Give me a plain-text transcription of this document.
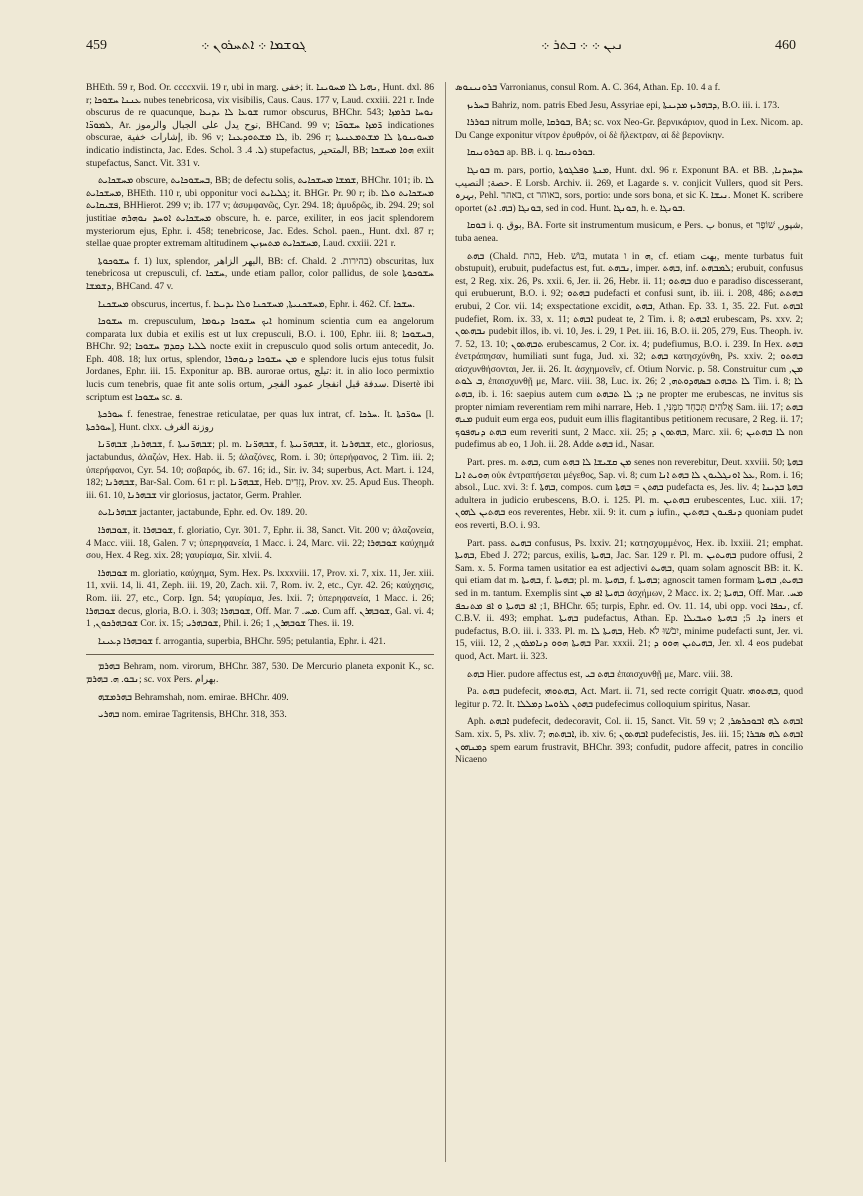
459	ܓܘܫܡܐ ܀ ܐܬܚܪܘܢ ܀	ܢܝܢ ܀ ܀ ܒܬܪ ܀	460

BHEth. 59 r, Bod. Or. ccccxvii. 19 r, ubi in marg. خفى; it. ܢܗܝܐ ܠܐ ܡܚܘܝܢܐ, Hunt. dxl. 86 r; ܥܢܢܐ ܚܫܘܟܐ nubes tenebricosa, vix visibilis, Caus. Caus. 177 v, Laud. cxxiii. 221 r. Inde obscurus de re quacunque, ܫܘܥܐ ܠܐ ܝܕܝܥܐ rumor obscurus, BHChr. 543; ܢܘܚܐ ܒܪܡܙܐ ܠܡܘܖ̈ܐ, Ar. نوح يدل على الجبال والرموز, BHCand. 99 v; ܪ̈ܡܙܐ ܚܫܘܟ̈ܐ indicationes obscurae, إشارات خفية, ib. 96 v; ܠܐ ܡܫܬܘܕܥܢܐ, ib. 296 r; ܡܚܘܝܢܘܬܐ ܠܐ ܡܫܬܡܥܢܝܬܐ indicatio indistincta, Jac. Edes. Schol. ܠ. 4. 3) stupefactus, المتحير, BB; ܗܘܐ ܡܚܫܟܐ exiit stupefactus, Sanct. Vit. 331 v.

ܡܚܫܟܐܝܬ obscure, ܒܚܫܘܟܐܝܬ, BB; de defectu solis, ܫܡܫܐ ܡܚܫܟܐܝܬ, BHChr. 101; ib. ܠܐ ܡܚܫܟܐܝܬ, BHEth. 110 r, ubi opponitur voci ܓܠܝܐܝܬ; it. BHGr. Pr. 90 r; ib. ܡܚܫܟܐܝܬ ܘܠܐ ܦܫܝܩܐܝܬ, BHHierot. 299 v; ib. 177 v; ἀσυμφανῶς, Cyr. 294. 18; ἀμυδρῶς, ib. 294. 29; sol justitiae ܡܚܫܟܐܝܬ ܐܘܚܕ ܢܘܗܪܗ obscure, h. e. parce, exiliter, in eos jacit splendorem mysteriorum ejus, Ephr. i. 458; tenebricose, Jac. Edes. Schol. paen., Hunt. dxl. 87 r; stellae quae propter extremam altitudinem ܡܚܫܟܐܝܬ ܡܬܚܙܝܢ, Laud. cxxiii. 221 r.

ܚܫܘܟܘܬܐ f. 1) lux, splendor, البهر الزاهر, BB: cf. Chald. בהירות. 2) obscuritas, lux tenebricosa ut crepusculi, cf. ܚܫܟܐ, unde etiam pallor, color pallidus, de sole ܚܫܘܟܘܬܐ ܕܫܡܫܐ, BHCand. 47 v.

ܡܚܫܟܢܐ obscurus, incertus, f. ܡܚܫܟܢܝܬܐ, ܡܚܫܟܢܐ ܘܠܐ ܝܕܝܥܐ, Ephr. i. 462. Cf. ܚܫܟܐ.

ܚܫܘܟܐ m. crepusculum, ܐܝܟ ܚܫܘܟܐ ܕܝܘܡܐ hominum scientia cum ea angelorum comparata lux dubia et exilis est ut lux crepusculi, B.O. i. 100, Ephr. iii. 8; ܒܚܫܘܟܐ, BHChr. 92; ܠܠܝܐ ܕܩܕܡ ܚܫܘܟܐ nocte exiit in crepusculo quod solis ortum antecedit, Jo. Eph. 408. 18; lux ortus, splendor, ܡܢ ܚܫܘܟܐ ܕܢܘܗܪܐ e splendore lucis ejus totus fulsit Jordanes, Ephr. iii. 15. Exponitur ap. BB. aurorae ortus, تبلج: it. in alio loco permixtio lucis cum tenebris, quae fit ante solis ortum, سدفة قبل انفجار عمود الفجر. Disertè ibi scriptum est ܚܫܘܟܐ sc. ܦ.

ܚܘܪܟܬܐ f. fenestrae, fenestrae reticulatae, per quas lux intrat, cf. ܚܪܟܐ. It. ܚܘܪ̈ܟܬܐ [l. ܚܘܪܟܬܐ], Hunt. clxx. روزنة الغرف

ܫܒܗܪܢܐ, ܫܒܗܪ̈ܢܐ, f. ܫܒܗܪ̈ܢܝܬܐ; pl. m. ܫܒܗܪ̈ܢܐ, f. ܫܒܗܪ̈ܢܝܬܐ, it. ܫܒܗܪܢܐ, etc., gloriosus, jactabundus, ἀλαζών, Hex. Hab. ii. 5; ἀλαζόνες, Rom. i. 30; ὑπερήφανος, 2 Tim. iii. 2; ὑπερήφανοι, Cyr. 54. 10; σοβαρός, ib. 67. 16; id., Sir. iv. 34; superbus, Act. Mart. i. 124, 182; ܫܒܗܪܢܐ, Bar-Sal. Com. 61 r: pl. ܫܒܗܪ̈ܢܐ, Heb. נְזִדִים, Prov. xv. 25. Apud Eus. Theoph. iii. 61. 10, ܫܒܗܪܢܐ vir gloriosus, jactator, Germ. Prahler.

ܫܒܗܪܢܐܝܬ jactanter, jactabunde, Ephr. ed. Ov. 189. 20.

ܫܘܒܗܪܐ, it. ܫܘܒܗܪܐ, f. gloriatio, Cyr. 301. 7, Ephr. ii. 38, Sanct. Vit. 200 v; ἀλαζονεία, 4 Macc. viii. 18, Galen. 7 v; ὑπερηφανεία, 1 Macc. i. 24, Marc. vii. 22; ܫܘܒܗܪܐ καύχημά σου, Hex. 4 Reg. xix. 28; γαυρίαμα, Sir. xlvii. 4.

ܫܘܒܗܪܐ m. gloriatio, καύχημα, Sym. Hex. Ps. lxxxviii. 17, Prov. xi. 7, xix. 11, Jer. xiii. 11, xvii. 14, li. 41, Zeph. iii. 19, 20, Zach. xii. 7, Rom. iv. 2, etc., Cyr. 42. 26; καύχησις, Rom. iii. 27, etc., Corp. Ign. 54; γαυρίαμα, Jes. lxii. 7; ὑπερηφανεία, 1 Macc. i. 26; ܫܘܒܗܪܐ decus, gloria, B.O. i. 303; ܫܘܒܗܪܐ, Off. Mar. ܡܚ. 7. Cum aff. ܫܘܒܗܪܢ, Gal. vi. 4; ܫܘܒܗܪܟܘܢ, 1 Cor. ix. 15; ܫܘܒܗܪܝ, Phil. i. 26; ܫܘܒܗܪܢ, 1 Thes. ii. 19.

ܫܘܒܗܪܐ ܕܥܝܢܐ f. arrogantia, superbia, BHChr. 595; petulantia, Ephr. i. 421.

ܒܗܪܡ Behram, nom. virorum, BHChr. 387, 530. De Mercurio planeta exponit K., sc. ܢܒܘ. ܗ. ܒܗܪܡ; sc. vox Pers. بهرام.

ܒܗܪܡܫܗ Behramshah, nom. emirae. BHChr. 409.

ܒܗܪܝ nom. emirae Tagritensis, BHChr. 318, 353.

ܒܪܘܢܝܢܘܣ Varronianus, consul Rom. A. C. 364, Athan. Ep. 10. 4 a f.

ܒܚܪܝܙ Bahriz, nom. patris Ebed Jesu, Assyriae epi, ܕܒܗܪܝܙ ܡܕܝܢܬܐ, B.O. iii. i. 173.

ܒܘܪܪܐ nitrum molle, ܒܘܪܩܐ, BA; sc. vox Neo-Gr. βερνικάριον, quod in Lex. Nicom. ap. Du Cange exponitur νίτρον ἐρυθρόν, οἱ δὲ ἤλεκτραν, αἱ δὲ βερονίκην.

ܒܘܪܘܢܝܩܐ ap. BB. i. q. ܒܘܪܘܢܝܩܐ.

ܒܘܢܓܐ m. pars, portio, ܡܢܬܐ ܘܦܠܓܘܬܐ, Hunt. dxl. 96 r. Exponunt BA. et BB. ܚܕܚܕܢܐ, حصة; النصيب. E Lorsb. Archiv. ii. 269, et Lagarde s. v. conjicit Vullers, quod sit Pers. بہرہ, Pehl. באהר, ct באוהר, sors, portio: unde sors bona, et sic K. ܢܝܫܐ. Monet K. scribere oportet ܒܘܢܓܐ (ܒܗ. ܐܬ), sed in cod. Hunt. ܒܘܢܓܐ, h. e. ܒܘܢܓܐ.

ܒܘܩܐ i. q. بوق, BA. Forte sit instrumentum musicum, e Pers. ب bonus, et شپور, שׁוֹפָר, tuba aenea.

ܒܗܬ (Chald. בהת, Heb. בּוֹשׁ, mutata ו in ܗ, cf. etiam بهت, mente turbatus fuit obstupuit), erubuit, pudefactus est, fut. ܢܒܗܬ, imper. ܒܗܬ, inf. ܠܡܒܗܬ; erubuit, confusus est, 2 Reg. xix. 26, Ps. xxii. 6, Jer. ii. 26, Hebr. ii. 11; ܒܗܬܘ duo e paradiso discesserant, qui erubuerunt, B.O. i. 92; ܒܗܬܘ pudefacti et confusi sunt, ib. iii. i. 208, 486; ܒܗܬܬ erubui, 2 Cor. vii. 14; exspectatione excidit, ܒܗܬ, Athan. Ep. 33. 1, 35. 22. Fut. ܐܒܗܬ pudefiet, Rom. ix. 33, x. 11; ܐܒܗܬ pudeat te, 2 Tim. i. 8; ܐܒܗܬ erubescam, Ps. xxv. 2; ܢܒܗܬܘܢ pudebit illos, ib. vi. 10, Jes. i. 29, 1 Pet. iii. 16, B.O. ii. 205, 279, Eus. Theoph. iv. 7. 52, 13. 10; ܬܒܗܬܘܢ erubescamus, 2 Cor. ix. 4; pudefiumus, B.O. i. 239. In Hex. ܒܗܬ ἐνετράπησαν, humiliati sunt fuga, Jud. xi. 32; ܒܗܬ κατησχύνθη, Ps. xxiv. 2; ܒܗܬܘ αἰσχυνθήσονται, Jer. ii. 26. It. ἀσχημονεῖν, cf. Otium Norvic. p. 58. Construitur cum ܡܢ, ܒ ܠܘܬ, ἐπαισχυνθῇ με, Marc. viii. 38, Luc. ix. 26; ܠܐ ܬܒܗܬ ܒܣܗܕܘܬܗ, 2 Tim. i. 8; ܠܐ ܒܗܬ, ib. i. 16: saepius autem cum ܕ; ܠܐ ܬܒܗܬ ne propter me erubescas, ne invitus sis propter nimiam reverentiam rem mihi narrare, Heb. אֲלֹהִים תְּכַחֵד מִמֶּנִּי, 1 Sam. iii. 17; ܒܗܬ ܡܢܗ puduit eum erga eos, puduit eum illis flagitantibus petitionem recusare, 2 Reg. ii. 17; ܒܗܬ ܕܢܗܦܘܟ eum reveriti sunt, 2 Macc. xii. 25; ܒܗܬܘܢ ܕ, Marc. xii. 6; ܠܐ ܒܗܬܝܢ non pudefimus ab eo, 1 Joh. ii. 28. Adde ܒܗܬ id., Nasar.

Part. pres. m. ܒܗܬ, cum ܡܢ ܩܫܝܫܐ ܠܐ ܒܗܬ senes non reverebitur, Deut. xxviii. 50; ܒܗܬܐ ܗܘܝܬ ܐܢܐ οὐκ ἐντραπήσεται μέγεθος, Sap. vi. 8; cum ܥܠ ܐܘܢܓܠܝܘܢ ܠܐ ܒܗܬ ܐܢܐ, Rom. i. 16; absol., Luc. xvi. 3: f. ܒܗܬܐ, compos. cum ܒܗܬܢ = ܒܗܬܐ pudefacta es, Jes. liv. 4; ܒܗܬܐ ܒܕܝܢܐ adultera in judicio erubescens, B.O. i. 125. Pl. m. ܒܗܬܝܢ erubescentes, Luc. xiii. 17; ܒܗܬܝܢ ܠܗܘܢ eos reverentes, Hebr. xii. 9: it. cum ܕ iufin., ܕܢܦܢܘܢ ܒܗܬܝܢ quoniam pudet eos reverti, B.O. i. 93.

Part. pass. ܒܗܝܬ confusus, Ps. lxxiv. 21; κατησχυμμένος, Hex. ib. lxxiii. 21; emphat. ܒܗܝܬܐ, Ebed J. 272; parcus, exilis, ܒܗܝܬܐ, Jac. Sar. 129 r. Pl. m. ܒܗܝܬܝܢ pudore offusi, 2 Sam. x. 5. Forma tamen usitatior ea est adjectivi ܒܗܝܬ, quam solam agnoscit BB: it. K. qui etiam dat m. ܒܗܝܬܐ, f. ܒܗܝܬܐ; pl. m. ܒܗܝܬܐ, f. ܒܗܝܬܐ; agnoscit tamen formam ܒܗܝܬ, ܒܗܝܬܐ sed in m. tantum. Exemplis sint ܒܗܝܬܐ ܐܦ ܡܢ ἀσχήμων, 2 Macc. ix. 2; ܒܗܝܬܐ, Off. Mar. ܡܚ. 1; ܐܦ ܒܗܝܬܐ ܘ ܐܦ ܡܬܢܟܦ, BHChr. 65; turpis, Ephr. ed. Ov. 11. 14, ubi opp. voci ܢܟܦܐ, cf. C.B.V. ii. 493; emphat. ܒܗܝܬܐ pudefactus, Athan. Ep. ܕܐ. 5; ܒܗܝܬܐ ܘܚܒܝܠܐ iners et pudefactus, B.O. iii. i. 333. Pl. m. ܒܗܝܬܐ ܠܐ, Heb. יִבֹשׁוּ לֹא, minime pudefacti sunt, Jer. vi. 15, viii. 12, ܒܗܝܬܐ ܗܘܘ ܕܢܐܡܪܘܢ, 2 Par. xxxii. 21; ܒܗܝܬܝܢ ܗܘܘ ܕ, Jer. xl. 4 eos pudebat quod, Act. Mart. ii. 323.

ܒܗܬ Hier. pudore affectus est, ܒܗܬ ܒܝ ἐπαισχυνθῇ με, Marc. viii. 38.

Pa. ܒܗܬ pudefecit, ܒܗܬܘܗܝ, Act. Mart. ii. 71, sed recte corrigit Quatr. ܒܗܬܘܗܝ, quod legitur p. 72. It. ܒܗܬܢ ܠܪܘܚܐ ܕܡܠܠܐ pudefecimus colloquium spiritus, Nasar.

Aph. ܐܒܗܬ pudefecit, dedecoravit, Col. ii. 15, Sanct. Vit. 59 v; ܐܒܗܬ ܠܗ ܐܒܘܟܪܣܪ, 2 Sam. xix. 5, Ps. xliv. 7; ܐܒܗܬܗ, ib. xiv. 6; ܐܒܗܬܘܢ pudefecistis, Jes. iii. 15; ܐܒܗܬ ܠܗ ܣܒܪܐ ܕܡܢܗܘܢ spem earum frustravit, BHChr. 393; confudit, pudore affecit, patres in concilio Nicaeno
